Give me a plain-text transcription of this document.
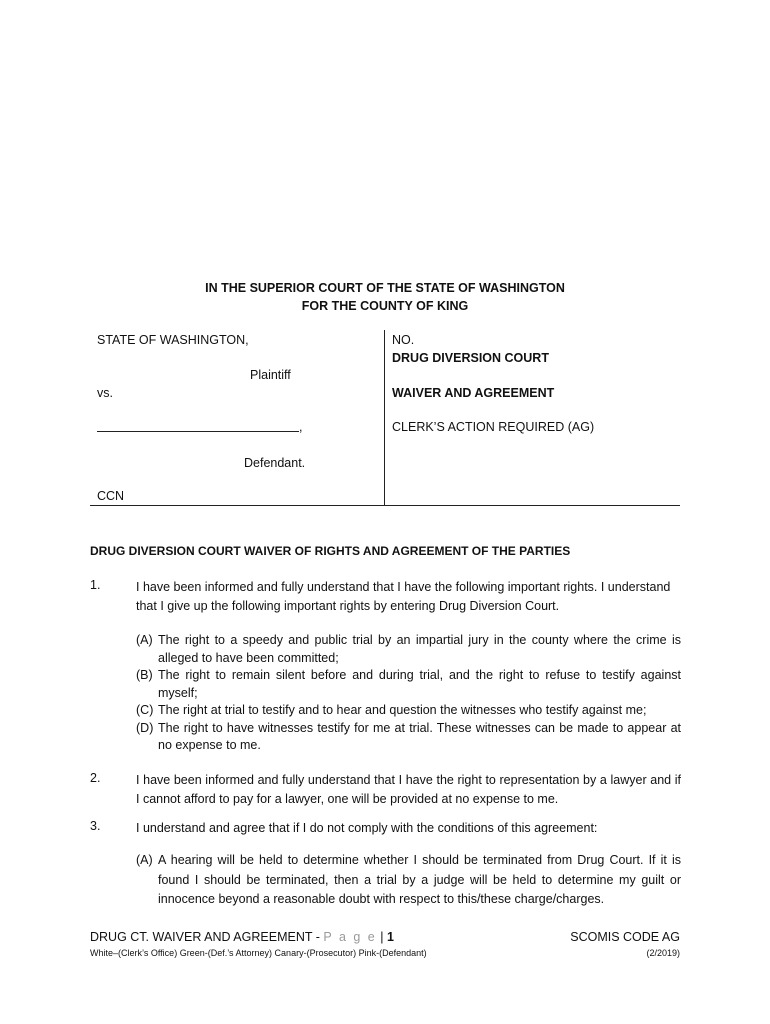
IN THE SUPERIOR COURT OF THE STATE OF WASHINGTON
FOR THE COUNTY OF KING
STATE OF WASHINGTON,
Plaintiff
vs.
,
Defendant.
CCN
NO.
DRUG DIVERSION COURT
WAIVER AND AGREEMENT
CLERK’S ACTION REQUIRED (AG)
DRUG DIVERSION COURT WAIVER OF RIGHTS AND AGREEMENT OF THE PARTIES
1.	I have been informed and fully understand that I have the following important rights. I understand that I give up the following important rights by entering Drug Diversion Court.
(A) The right to a speedy and public trial by an impartial jury in the county where the crime is alleged to have been committed;
(B) The right to remain silent before and during trial, and the right to refuse to testify against myself;
(C) The right at trial to testify and to hear and question the witnesses who testify against me;
(D) The right to have witnesses testify for me at trial. These witnesses can be made to appear at no expense to me.
2.	I have been informed and fully understand that I have the right to representation by a lawyer and if I cannot afford to pay for a lawyer, one will be provided at no expense to me.
3.	I understand and agree that if I do not comply with the conditions of this agreement:
(A) A hearing will be held to determine whether I should be terminated from Drug Court. If it is found I should be terminated, then a trial by a judge will be held to determine my guilt or innocence beyond a reasonable doubt with respect to this/these charge/charges.
DRUG CT. WAIVER AND AGREEMENT - P a g e | 1	SCOMIS CODE AG
White–(Clerk’s Office) Green-(Def.’s Attorney) Canary-(Prosecutor) Pink-(Defendant)	(2/2019)
